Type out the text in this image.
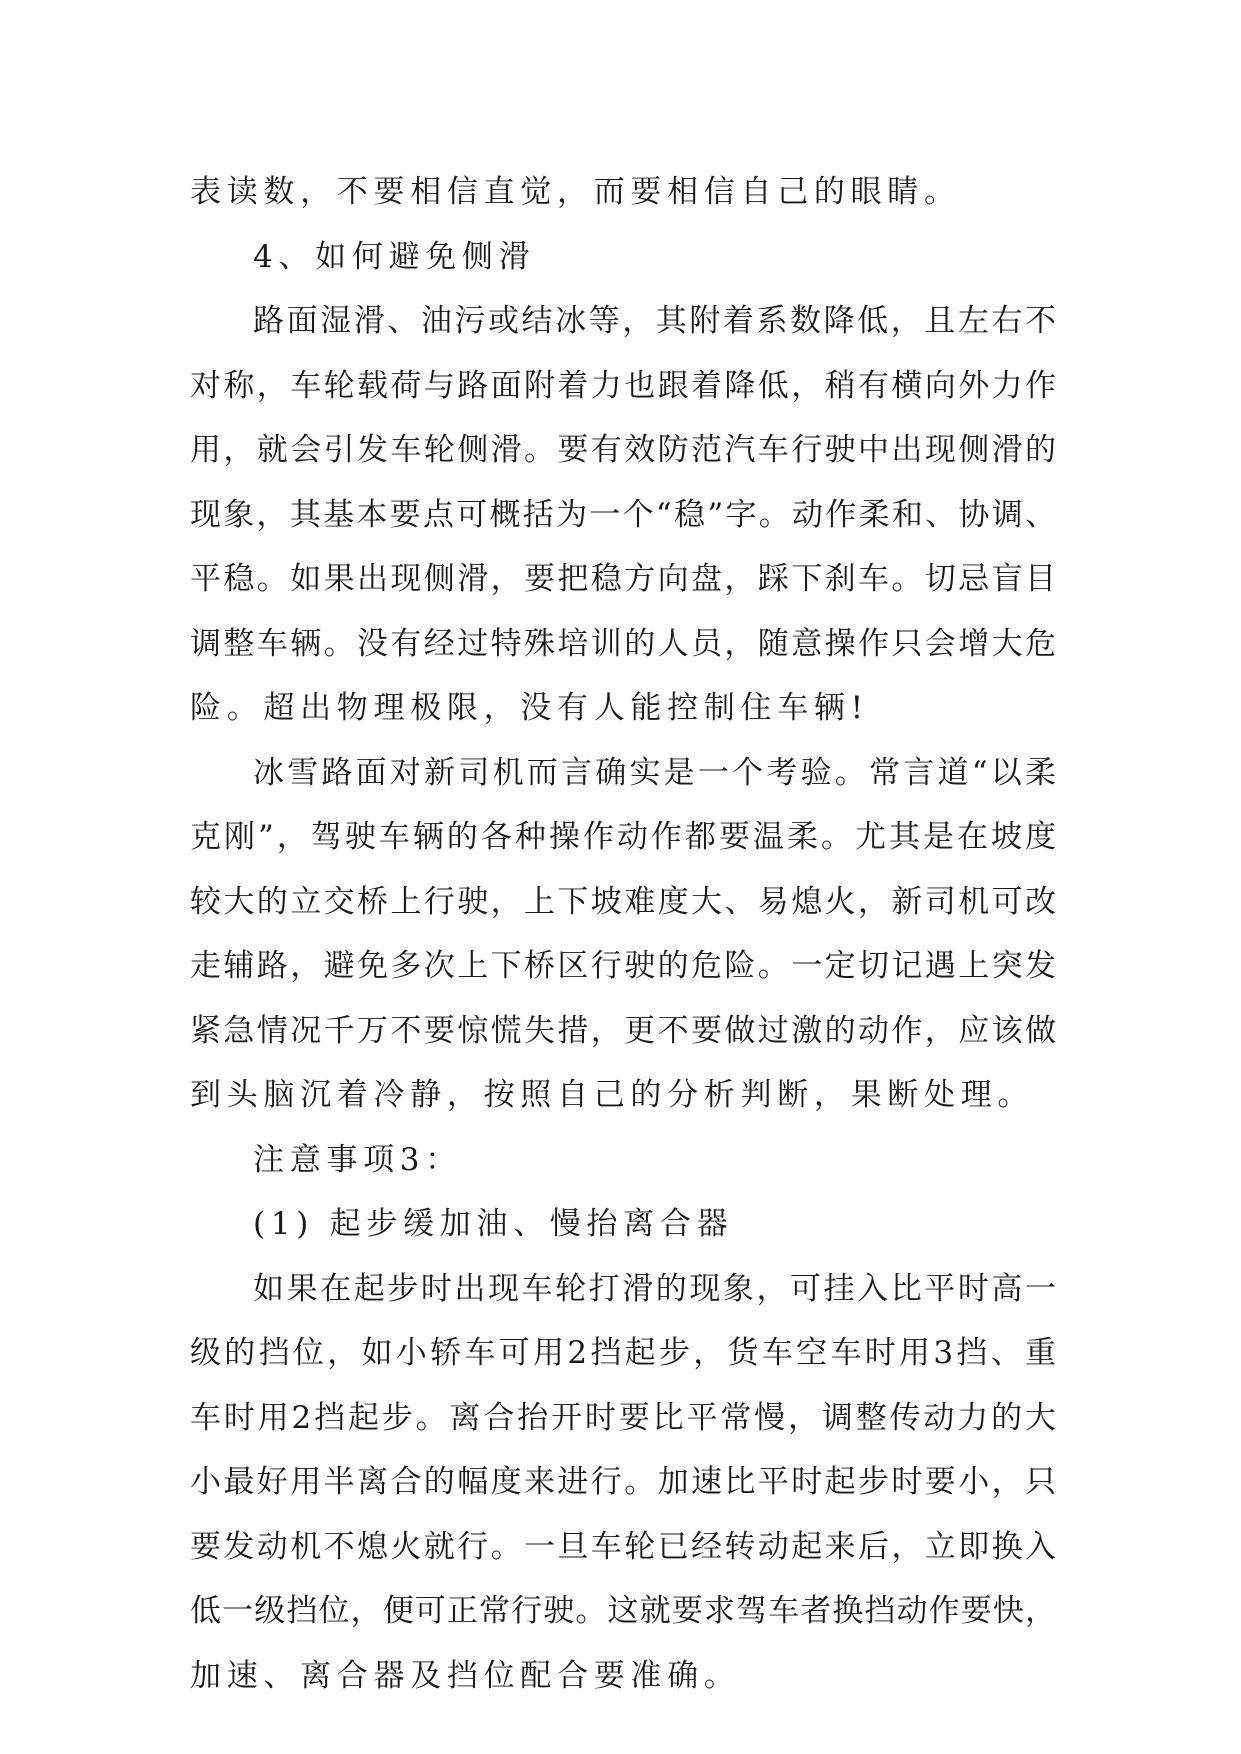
表读数，不要相信直觉，而要相信自己的眼睛。
4、如何避免侧滑
路面湿滑、油污或结冰等，其附着系数降低，且左右不
对称，车轮载荷与路面附着力也跟着降低，稍有横向外力作
用，就会引发车轮侧滑。要有效防范汽车行驶中出现侧滑的
现象，其基本要点可概括为一个“稳”字。动作柔和、协调、
平稳。如果出现侧滑，要把稳方向盘，踩下刹车。切忌盲目
调整车辆。没有经过特殊培训的人员，随意操作只会增大危
险。超出物理极限，没有人能控制住车辆!
冰雪路面对新司机而言确实是一个考验。常言道“以柔
克刚”，驾驶车辆的各种操作动作都要温柔。尤其是在坡度
较大的立交桥上行驶，上下坡难度大、易熄火，新司机可改
走辅路，避免多次上下桥区行驶的危险。一定切记遇上突发
紧急情况千万不要惊慌失措，更不要做过激的动作，应该做
到头脑沉着冷静，按照自己的分析判断，果断处理。
注意事项3：
(1) 起步缓加油、慢抬离合器
如果在起步时出现车轮打滑的现象，可挂入比平时高一
级的挡位，如小轿车可用2挡起步，货车空车时用3挡、重
车时用2挡起步。离合抬开时要比平常慢，调整传动力的大
小最好用半离合的幅度来进行。加速比平时起步时要小，只
要发动机不熄火就行。一旦车轮已经转动起来后，立即换入
低一级挡位，便可正常行驶。这就要求驾车者换挡动作要快，
加速、离合器及挡位配合要准确。
